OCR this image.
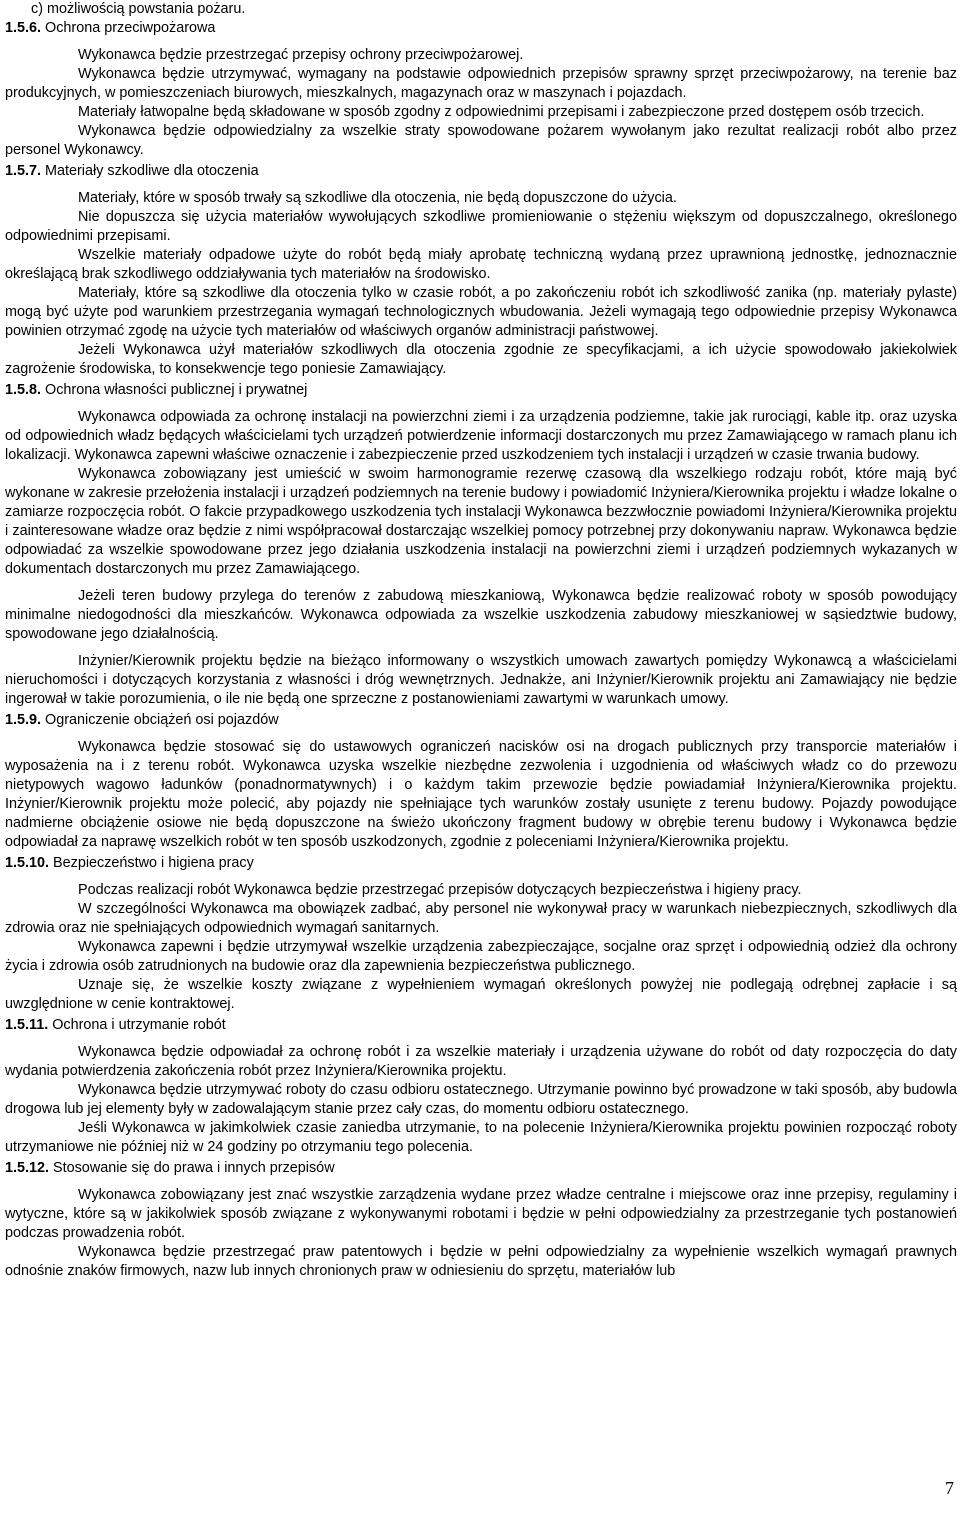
c) możliwością powstania pożaru.

1.5.6. Ochrona przeciwpożarowa

Wykonawca będzie przestrzegać przepisy ochrony przeciwpożarowej.

Wykonawca będzie utrzymywać, wymagany na podstawie odpowiednich przepisów sprawny sprzęt przeciwpożarowy, na terenie baz produkcyjnych, w pomieszczeniach biurowych, mieszkalnych, magazynach oraz w maszynach i pojazdach.

Materiały łatwopalne będą składowane w sposób zgodny z odpowiednimi przepisami i zabezpieczone przed dostępem osób trzecich.

Wykonawca będzie odpowiedzialny za wszelkie straty spowodowane pożarem wywołanym jako rezultat realizacji robót albo przez personel Wykonawcy.

1.5.7. Materiały szkodliwe dla otoczenia

Materiały, które w sposób trwały są szkodliwe dla otoczenia, nie będą dopuszczone do użycia.

Nie dopuszcza się użycia materiałów wywołujących szkodliwe promieniowanie o stężeniu większym od dopuszczalnego, określonego odpowiednimi przepisami.

Wszelkie materiały odpadowe użyte do robót będą miały aprobatę techniczną wydaną przez uprawnioną jednostkę, jednoznacznie określającą brak szkodliwego oddziaływania tych materiałów na środowisko.

Materiały, które są szkodliwe dla otoczenia tylko w czasie robót, a po zakończeniu robót ich szkodliwość zanika (np. materiały pylaste) mogą być użyte pod warunkiem przestrzegania wymagań technologicznych wbudowania. Jeżeli wymagają tego odpowiednie przepisy Wykonawca powinien otrzymać zgodę na użycie tych materiałów od właściwych organów administracji państwowej.

Jeżeli Wykonawca użył materiałów szkodliwych dla otoczenia zgodnie ze specyfikacjami, a ich użycie spowodowało jakiekolwiek zagrożenie środowiska, to konsekwencje tego poniesie Zamawiający.

1.5.8. Ochrona własności publicznej i prywatnej

Wykonawca odpowiada za ochronę instalacji na powierzchni ziemi i za urządzenia podziemne, takie jak rurociągi, kable itp. oraz uzyska od odpowiednich władz będących właścicielami tych urządzeń potwierdzenie informacji dostarczonych mu przez Zamawiającego w ramach planu ich lokalizacji. Wykonawca zapewni właściwe oznaczenie i zabezpieczenie przed uszkodzeniem tych instalacji i urządzeń w czasie trwania budowy.

Wykonawca zobowiązany jest umieścić w swoim harmonogramie rezerwę czasową dla wszelkiego rodzaju robót, które mają być wykonane w zakresie przełożenia instalacji i urządzeń podziemnych na terenie budowy i powiadomić Inżyniera/Kierownika projektu i władze lokalne o zamiarze rozpoczęcia robót. O fakcie przypadkowego uszkodzenia tych instalacji Wykonawca bezzwłocznie powiadomi Inżyniera/Kierownika projektu i zainteresowane władze oraz będzie z nimi współpracował dostarczając wszelkiej pomocy potrzebnej przy dokonywaniu napraw. Wykonawca będzie odpowiadać za wszelkie spowodowane przez jego działania uszkodzenia instalacji na powierzchni ziemi i urządzeń podziemnych wykazanych w dokumentach dostarczonych mu przez Zamawiającego.

Jeżeli teren budowy przylega do terenów z zabudową mieszkaniową, Wykonawca będzie realizować roboty w sposób powodujący minimalne niedogodności dla mieszkańców. Wykonawca odpowiada za wszelkie uszkodzenia zabudowy mieszkaniowej w sąsiedztwie budowy, spowodowane jego działalnością.

Inżynier/Kierownik projektu będzie na bieżąco informowany o wszystkich umowach zawartych pomiędzy Wykonawcą a właścicielami nieruchomości i dotyczących korzystania z własności i dróg wewnętrznych. Jednakże, ani Inżynier/Kierownik projektu ani Zamawiający nie będzie ingerował w takie porozumienia, o ile nie będą one sprzeczne z postanowieniami zawartymi w warunkach umowy.

1.5.9. Ograniczenie obciążeń osi pojazdów

Wykonawca będzie stosować się do ustawowych ograniczeń nacisków osi na drogach publicznych przy transporcie materiałów i wyposażenia na i z terenu robót. Wykonawca uzyska wszelkie niezbędne zezwolenia i uzgodnienia od właściwych władz co do przewozu nietypowych wagowo ładunków (ponadnormatywnych) i o każdym takim przewozie będzie powiadamiał Inżyniera/Kierownika projektu. Inżynier/Kierownik projektu może polecić, aby pojazdy nie spełniające tych warunków zostały usunięte z terenu budowy. Pojazdy powodujące nadmierne obciążenie osiowe nie będą dopuszczone na świeżo ukończony fragment budowy w obrębie terenu budowy i Wykonawca będzie odpowiadał za naprawę wszelkich robót w ten sposób uszkodzonych, zgodnie z poleceniami Inżyniera/Kierownika projektu.

1.5.10. Bezpieczeństwo i higiena pracy

Podczas realizacji robót Wykonawca będzie przestrzegać przepisów dotyczących bezpieczeństwa i higieny pracy.

W szczególności Wykonawca ma obowiązek zadbać, aby personel nie wykonywał pracy w warunkach niebezpiecznych, szkodliwych dla zdrowia oraz nie spełniających odpowiednich wymagań sanitarnych.

Wykonawca zapewni i będzie utrzymywał wszelkie urządzenia zabezpieczające, socjalne oraz sprzęt i odpowiednią odzież dla ochrony życia i zdrowia osób zatrudnionych na budowie oraz dla zapewnienia bezpieczeństwa publicznego.

Uznaje się, że wszelkie koszty związane z wypełnieniem wymagań określonych powyżej nie podlegają odrębnej zapłacie i są uwzględnione w cenie kontraktowej.

1.5.11. Ochrona i utrzymanie robót

Wykonawca będzie odpowiadał za ochronę robót i za wszelkie materiały i urządzenia używane do robót od daty rozpoczęcia do daty wydania potwierdzenia zakończenia robót przez Inżyniera/Kierownika projektu.

Wykonawca będzie utrzymywać roboty do czasu odbioru ostatecznego. Utrzymanie powinno być prowadzone w taki sposób, aby budowla drogowa lub jej elementy były w zadowalającym stanie przez cały czas, do momentu odbioru ostatecznego.

Jeśli Wykonawca w jakimkolwiek czasie zaniedba utrzymanie, to na polecenie Inżyniera/Kierownika projektu powinien rozpocząć roboty utrzymaniowe nie później niż w 24 godziny po otrzymaniu tego polecenia.

1.5.12. Stosowanie się do prawa i innych przepisów

Wykonawca zobowiązany jest znać wszystkie zarządzenia wydane przez władze centralne i miejscowe oraz inne przepisy, regulaminy i wytyczne, które są w jakikolwiek sposób związane z wykonywanymi robotami i będzie w pełni odpowiedzialny za przestrzeganie tych postanowień podczas prowadzenia robót.

Wykonawca będzie przestrzegać praw patentowych i będzie w pełni odpowiedzialny za wypełnienie wszelkich wymagań prawnych odnośnie znaków firmowych, nazw lub innych chronionych praw w odniesieniu do sprzętu, materiałów lub

7
